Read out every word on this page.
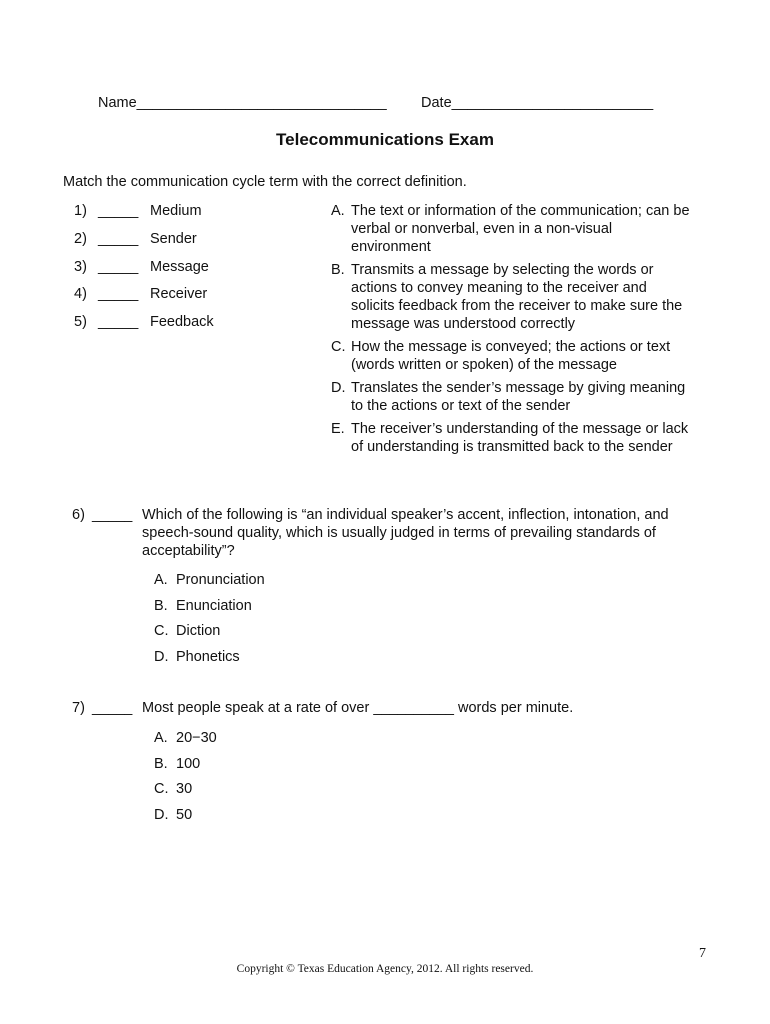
Name_______________________________ Date_________________________
Telecommunications Exam
Match the communication cycle term with the correct definition.
1) _____ Medium
2) _____ Sender
3) _____ Message
4) _____ Receiver
5) _____ Feedback
A. The text or information of the communication; can be verbal or nonverbal, even in a non-visual environment
B. Transmits a message by selecting the words or actions to convey meaning to the receiver and solicits feedback from the receiver to make sure the message was understood correctly
C. How the message is conveyed; the actions or text (words written or spoken) of the message
D. Translates the sender’s message by giving meaning to the actions or text of the sender
E. The receiver’s understanding of the message or lack of understanding is transmitted back to the sender
6) _____ Which of the following is “an individual speaker’s accent, inflection, intonation, and speech-sound quality, which is usually judged in terms of prevailing standards of acceptability”?
A. Pronunciation
B. Enunciation
C. Diction
D. Phonetics
7) _____ Most people speak at a rate of over __________ words per minute.
A. 20−30
B. 100
C. 30
D. 50
7
Copyright © Texas Education Agency, 2012. All rights reserved.
